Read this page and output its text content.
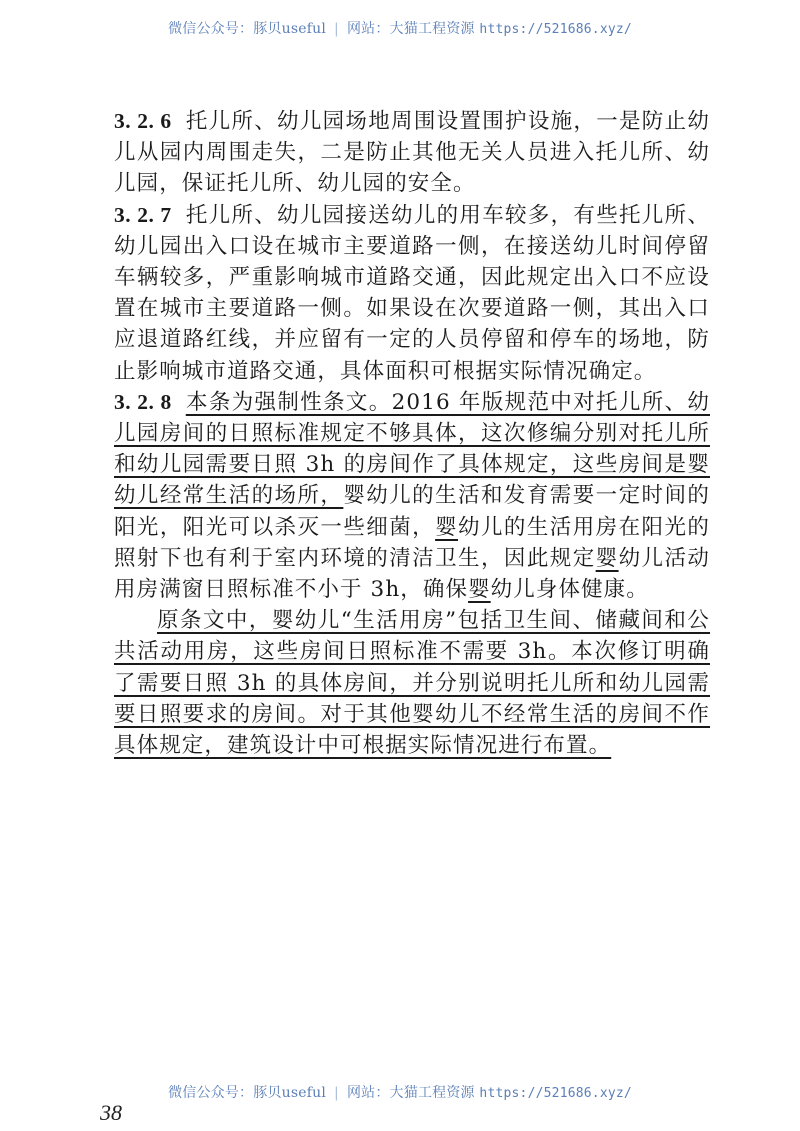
微信公众号：豚贝useful | 网站：大猫工程资源 https://521686.xyz/

3. 2. 6 托儿所、幼儿园场地周围设置围护设施，一是防止幼儿从园内周围走失，二是防止其他无关人员进入托儿所、幼儿园，保证托儿所、幼儿园的安全。

3. 2. 7 托儿所、幼儿园接送幼儿的用车较多，有些托儿所、幼儿园出入口设在城市主要道路一侧，在接送幼儿时间停留车辆较多，严重影响城市道路交通，因此规定出入口不应设置在城市主要道路一侧。如果设在次要道路一侧，其出入口应退道路红线，并应留有一定的人员停留和停车的场地，防止影响城市道路交通，具体面积可根据实际情况确定。

3. 2. 8 本条为强制性条文。2016 年版规范中对托儿所、幼儿园房间的日照标准规定不够具体，这次修编分别对托儿所和幼儿园需要日照 3h 的房间作了具体规定，这些房间是婴幼儿经常生活的场所，婴幼儿的生活和发育需要一定时间的阳光，阳光可以杀灭一些细菌，婴幼儿的生活用房在阳光的照射下也有利于室内环境的清洁卫生，因此规定婴幼儿活动用房满窗日照标准不小于 3h，确保婴幼儿身体健康。

原条文中，婴幼儿“生活用房”包括卫生间、储藏间和公共活动用房，这些房间日照标准不需要 3h。本次修订明确了需要日照 3h 的具体房间，并分别说明托儿所和幼儿园需要日照要求的房间。对于其他婴幼儿不经常生活的房间不作具体规定，建筑设计中可根据实际情况进行布置。

微信公众号：豚贝useful | 网站：大猫工程资源 https://521686.xyz/
38
